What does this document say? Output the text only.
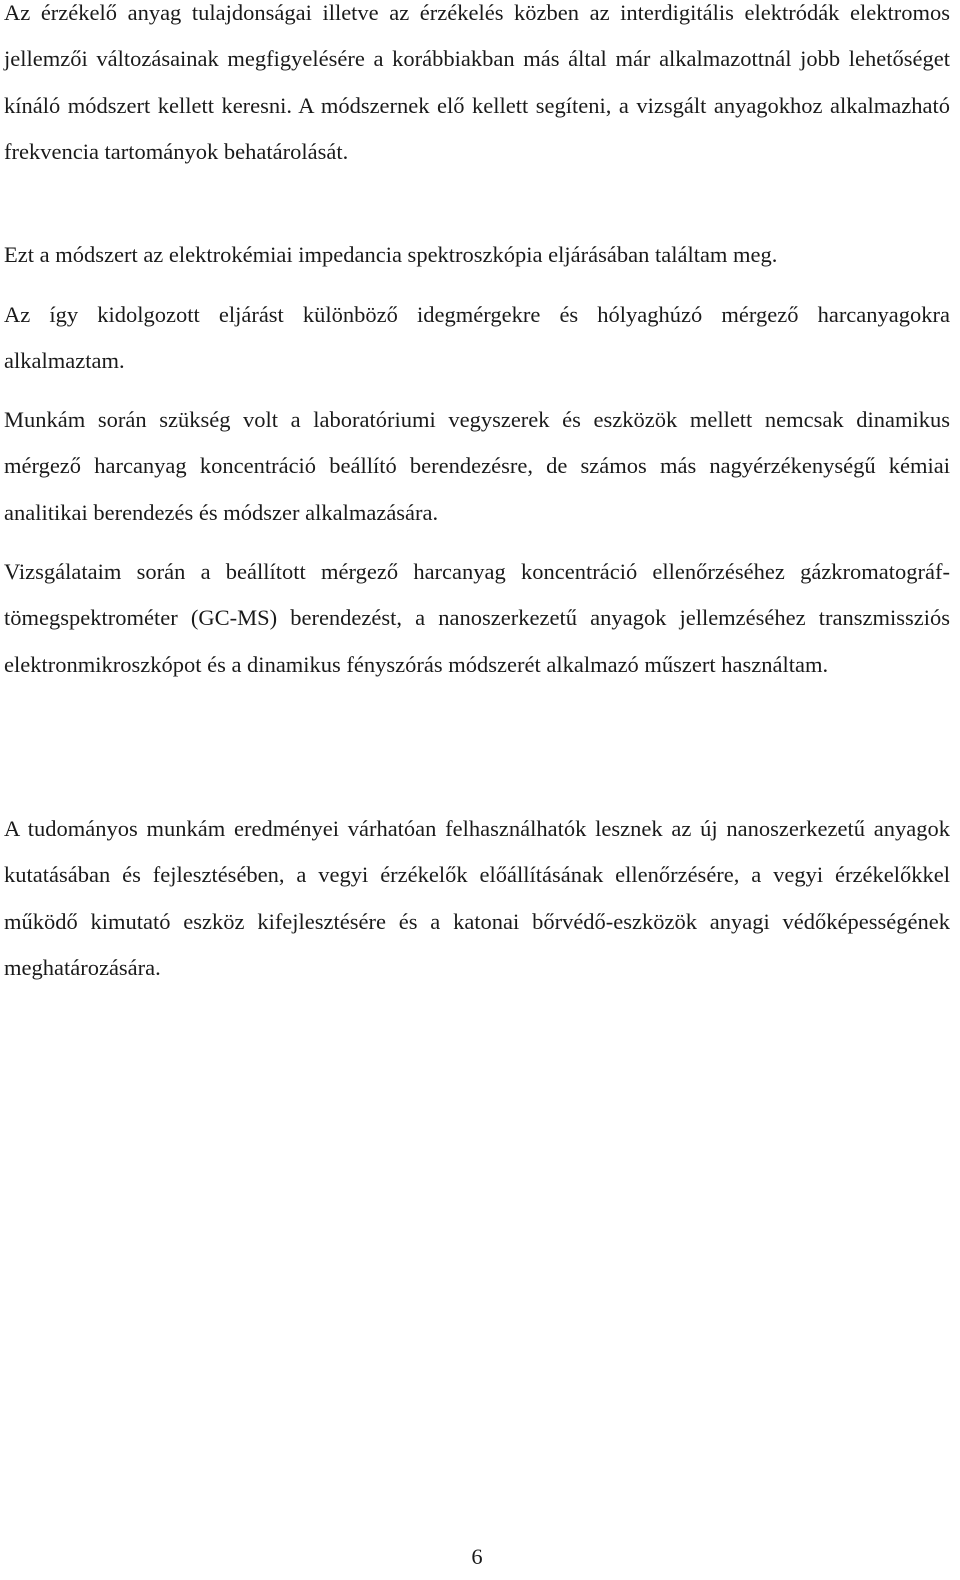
Az érzékelő anyag tulajdonságai illetve az érzékelés közben az interdigitális elektródák elektromos jellemzői változásainak megfigyelésére a korábbiakban más által már alkalmazottnál jobb lehetőséget kínáló módszert kellett keresni. A módszernek elő kellett segíteni, a vizsgált anyagokhoz alkalmazható frekvencia tartományok behatárolását.

Ezt a módszert az elektrokémiai impedancia spektroszkópia eljárásában találtam meg.

Az így kidolgozott eljárást különböző idegmérgekre és hólyaghúzó mérgező harcanyagokra alkalmaztam.

Munkám során szükség volt a laboratóriumi vegyszerek és eszközök mellett nemcsak dinamikus mérgező harcanyag koncentráció beállító berendezésre, de számos más nagyérzékenységű kémiai analitikai berendezés és módszer alkalmazására.

Vizsgálataim során a beállított mérgező harcanyag koncentráció ellenőrzéséhez gázkromatográf-tömegspektrométer (GC-MS) berendezést, a nanoszerkezetű anyagok jellemzéséhez transzmissziós elektronmikroszkópot és a dinamikus fényszórás módszerét alkalmazó műszert használtam.

A tudományos munkám eredményei várhatóan felhasználhatók lesznek az új nanoszerkezetű anyagok kutatásában és fejlesztésében, a vegyi érzékelők előállításának ellenőrzésére, a vegyi érzékelőkkel működő kimutató eszköz kifejlesztésére és a katonai bőrvédő-eszközök anyagi védőképességének meghatározására.

6
